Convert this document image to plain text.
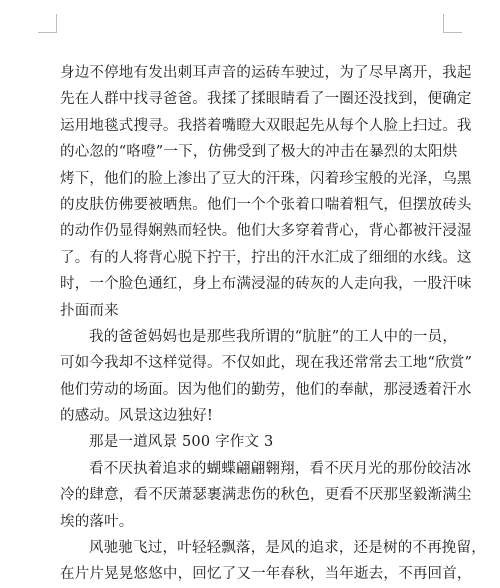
身边不停地有发出刺耳声音的运砖车驶过，为了尽早离开，我起
先在人群中找寻爸爸。我揉了揉眼睛看了一圈还没找到，便确定
运用地毯式搜寻。我搭着嘴瞪大双眼起先从每个人脸上扫过。我
的心忽的“咯噔”一下，仿佛受到了极大的冲击在暴烈的太阳烘
烤下，他们的脸上渗出了豆大的汗珠，闪着珍宝般的光泽，乌黑
的皮肤仿佛要被晒焦。他们一个个张着口喘着粗气，但摆放砖头
的动作仍显得娴熟而轻快。他们大多穿着背心，背心都被汗浸湿
了。有的人将背心脱下拧干，拧出的汗水汇成了细细的水线。这
时，一个脸色通红，身上布满浸湿的砖灰的人走向我，一股汗味
扑面而来
我的爸爸妈妈也是那些我所谓的“肮脏”的工人中的一员，
可如今我却不这样觉得。不仅如此，现在我还常常去工地“欣赏”
他们劳动的场面。因为他们的勤劳，他们的奉献，那浸透着汗水
的感动。风景这边独好!
那是一道风景 500 字作文 3
看不厌执着追求的蝴蝶翩翩翱翔，看不厌月光的那份皎洁冰
冷的肆意，看不厌萧瑟裹满悲伤的秋色，更看不厌那坚毅渐满尘
埃的落叶。
风驰驰飞过，叶轻轻飘落，是风的追求，还是树的不再挽留，
在片片晃晃悠悠中，回忆了又一年春秋，当年逝去，不再回首，
